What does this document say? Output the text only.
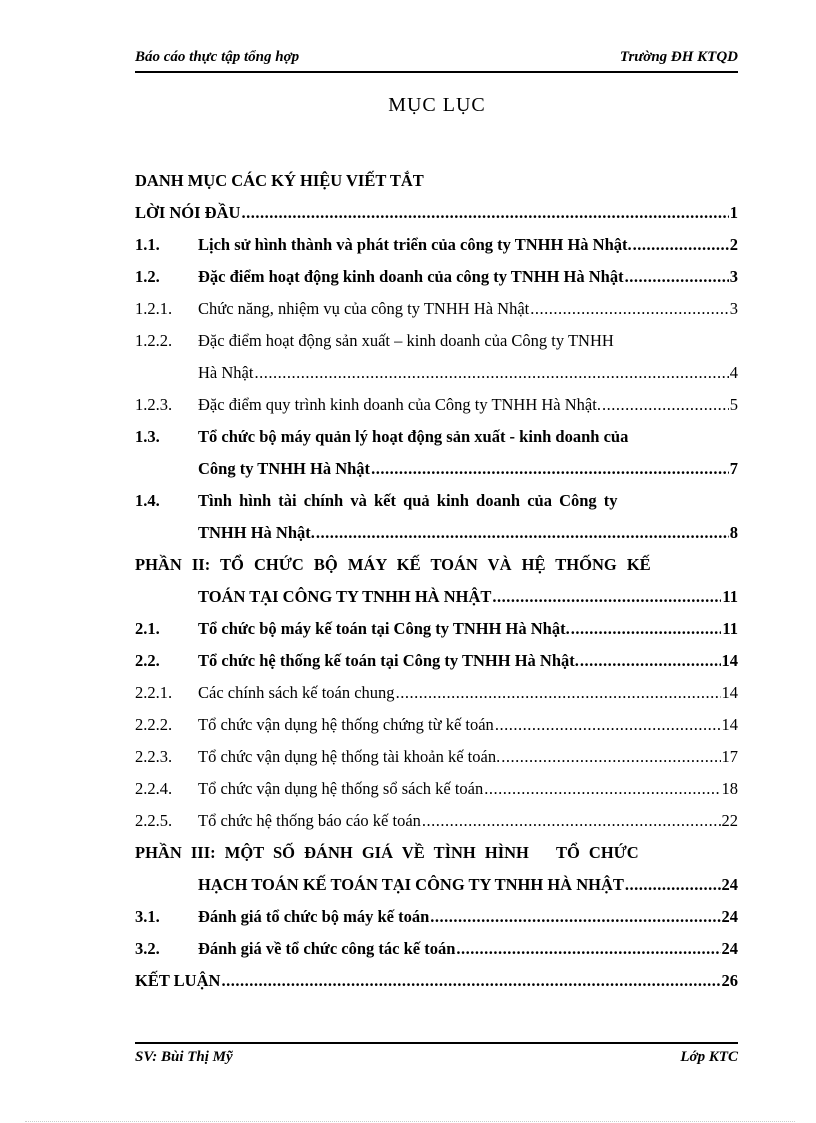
Báo cáo thực tập tổng hợp	Trường ĐH KTQD
MỤC LỤC
DANH MỤC CÁC KÝ HIỆU VIẾT TẮT
LỜI NÓI ĐẦU .....	1
1.1. Lịch sử hình thành và phát triển của công ty TNHH Hà Nhật. .....	2
1.2. Đặc điểm hoạt động kinh doanh của công ty TNHH Hà Nhật .....	3
1.2.1. Chức năng, nhiệm vụ của công ty TNHH Hà Nhật .....	3
1.2.2. Đặc điểm hoạt động sản xuất – kinh doanh của Công ty TNHH
Hà Nhật .....	4
1.2.3. Đặc điểm quy trình kinh doanh của Công ty TNHH Hà Nhật. .....	5
1.3. Tổ chức bộ máy quản lý hoạt động sản xuất - kinh doanh của
Công ty TNHH Hà Nhật .....	7
1.4. Tình hình tài chính và kết quả kinh doanh của Công ty
TNHH Hà Nhật. .....	8
PHẦN II: TỔ CHỨC BỘ MÁY KẾ TOÁN VÀ HỆ THỐNG KẾ
TOÁN TẠI CÔNG TY TNHH HÀ NHẬT .....	11
2.1. Tổ chức bộ máy kế toán tại Công ty TNHH Hà Nhật. .....	11
2.2. Tổ chức hệ thống kế toán tại Công ty TNHH Hà Nhật. .....	14
2.2.1. Các chính sách kế toán chung .....	14
2.2.2. Tổ chức vận dụng hệ thống chứng từ kế toán .....	14
2.2.3. Tổ chức vận dụng hệ thống tài khoản kế toán. .....	17
2.2.4. Tổ chức vận dụng hệ thống sổ sách kế toán .....	18
2.2.5. Tổ chức hệ thống báo cáo kế toán .....	22
PHẦN III: MỘT SỐ ĐÁNH GIÁ VỀ TÌNH HÌNH   TỔ CHỨC
HẠCH TOÁN KẾ TOÁN TẠI CÔNG TY TNHH HÀ NHẬT .....	24
3.1. Đánh giá tổ chức bộ máy kế toán .....	24
3.2. Đánh giá về tổ chức công tác kế toán .....	24
KẾT LUẬN .....	26
SV: Bùi Thị Mỹ	Lớp KTC
